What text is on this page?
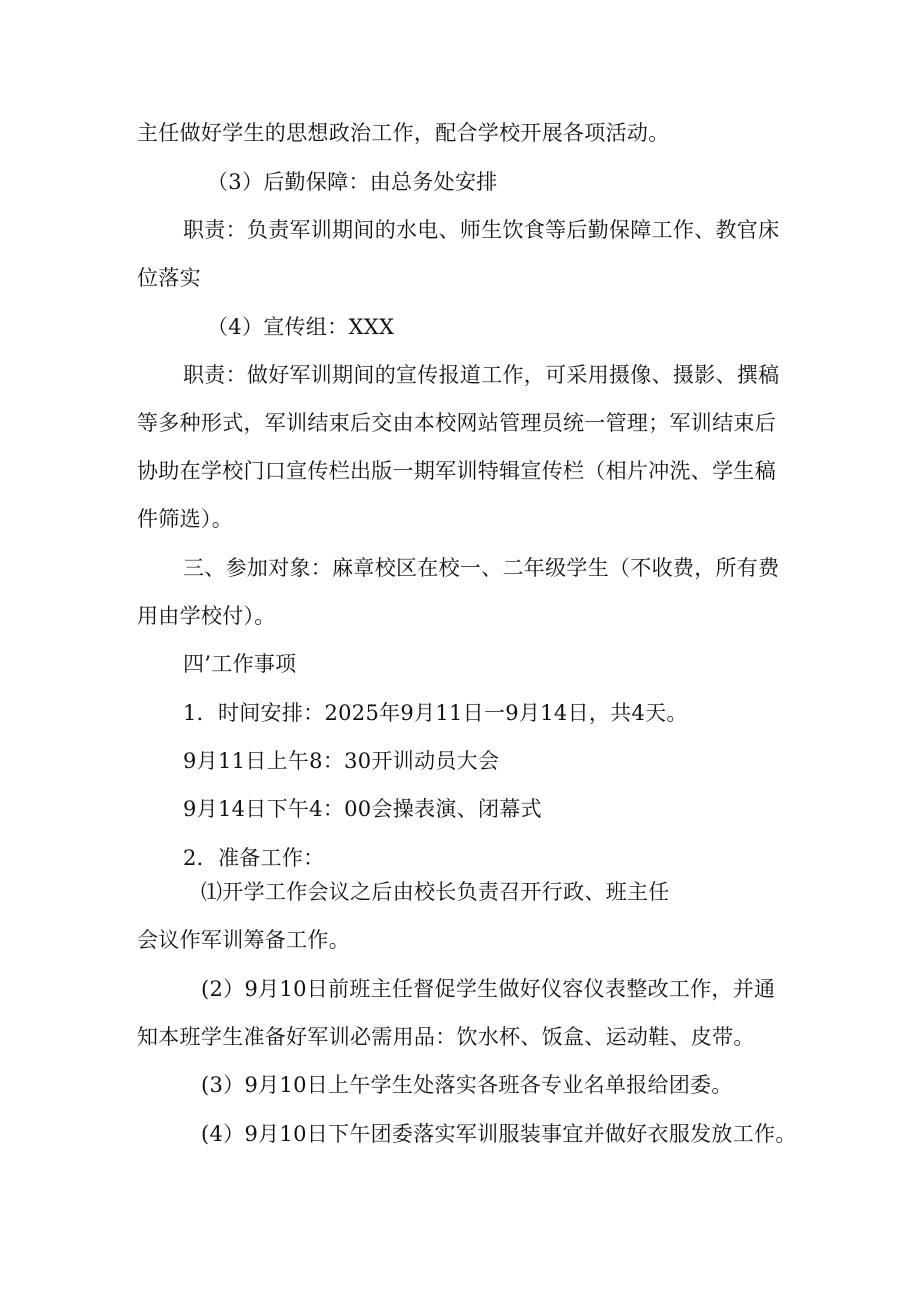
主任做好学生的思想政治工作，配合学校开展各项活动。
（3）后勤保障：由总务处安排
职责：负责军训期间的水电、师生饮食等后勤保障工作、教官床
位落实
（4）宣传组：XXX
职责：做好军训期间的宣传报道工作，可采用摄像、摄影、撰稿
等多种形式，军训结束后交由本校网站管理员统一管理；军训结束后
协助在学校门口宣传栏出版一期军训特辑宣传栏（相片冲洗、学生稿
件筛选）。
三、参加对象：麻章校区在校一、二年级学生（不收费，所有费
用由学校付）。
四’工作事项
1．时间安排：2025年9月11日一9月14日，共4天。
9月11日上午8：30开训动员大会
9月14日下午4：00会操表演、闭幕式
2．准备工作：
⑴开学工作会议之后由校长负责召开行政、班主任
会议作军训筹备工作。
(2）9月10日前班主任督促学生做好仪容仪表整改工作，并通
知本班学生准备好军训必需用品：饮水杯、饭盒、运动鞋、皮带。
(3）9月10日上午学生处落实各班各专业名单报给团委。
(4）9月10日下午团委落实军训服装事宜并做好衣服发放工作。
